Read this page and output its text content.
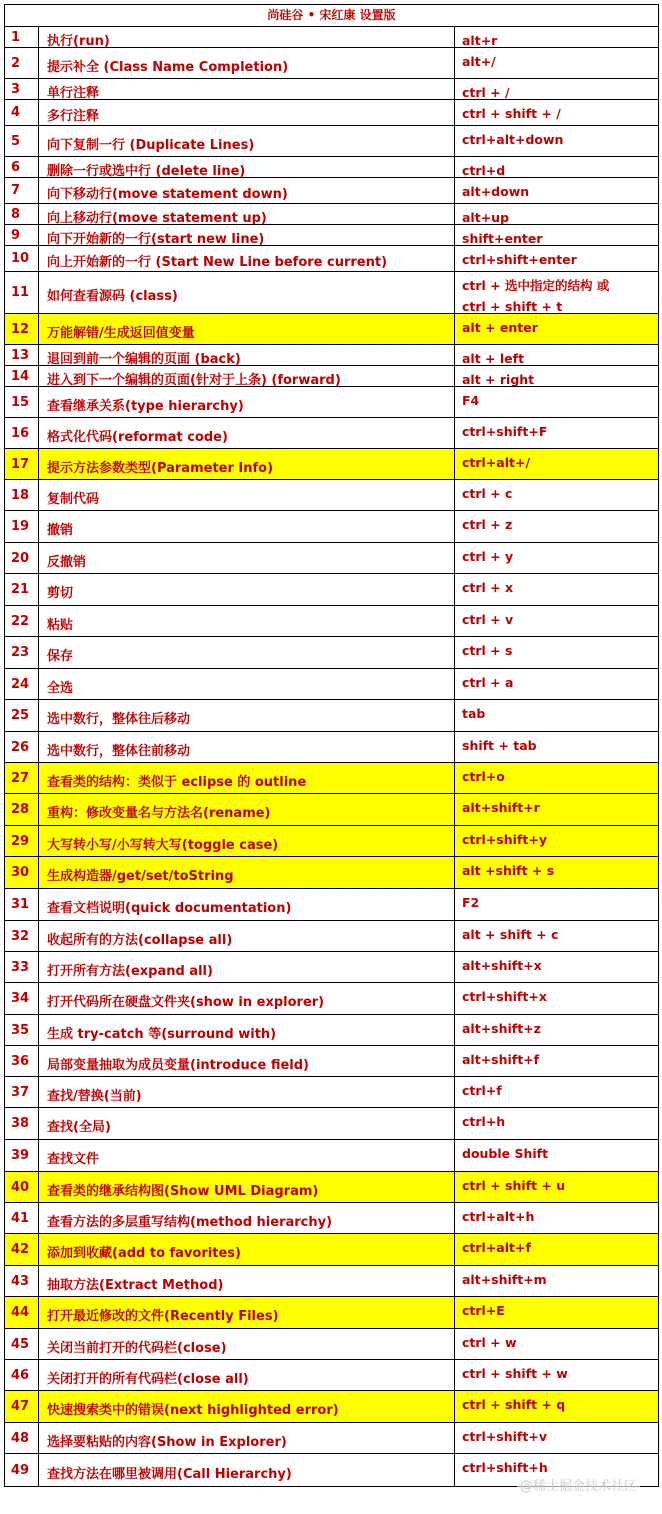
尚硅谷 • 宋红康 设置版
1	执行(run)	alt+r
2	提示补全 (Class Name Completion)	alt+/
3	单行注释	ctrl + /
4	多行注释	ctrl + shift + /
5	向下复制一行 (Duplicate Lines)	ctrl+alt+down
6	删除一行或选中行 (delete line)	ctrl+d
7	向下移动行(move statement down)	alt+down
8	向上移动行(move statement up)	alt+up
9	向下开始新的一行(start new line)	shift+enter
10	向上开始新的一行 (Start New Line before current)	ctrl+shift+enter
11	如何查看源码 (class)
ctrl + 选中指定的结构 或
ctrl + shift + t
12	万能解错/生成返回值变量	alt + enter
13	退回到前一个编辑的页面 (back)	alt + left
14	进入到下一个编辑的页面(针对于上条) (forward)	alt + right
15	查看继承关系(type hierarchy)	F4
16	格式化代码(reformat code)	ctrl+shift+F
17	提示方法参数类型(Parameter Info)	ctrl+alt+/
18	复制代码	ctrl + c
19	撤销	ctrl + z
20	反撤销	ctrl + y
21	剪切	ctrl + x
22	粘贴	ctrl + v
23	保存	ctrl + s
24	全选	ctrl + a
25	选中数行，整体往后移动	tab
26	选中数行，整体往前移动	shift + tab
27	查看类的结构：类似于 eclipse 的 outline	ctrl+o
28	重构：修改变量名与方法名(rename)	alt+shift+r
29	大写转小写/小写转大写(toggle case)	ctrl+shift+y
30	生成构造器/get/set/toString	alt +shift + s
31	查看文档说明(quick documentation)	F2
32	收起所有的方法(collapse all)	alt + shift + c
33	打开所有方法(expand all)	alt+shift+x
34	打开代码所在硬盘文件夹(show in explorer)	ctrl+shift+x
35	生成 try-catch 等(surround with)	alt+shift+z
36	局部变量抽取为成员变量(introduce field)	alt+shift+f
37	查找/替换(当前)	ctrl+f
38	查找(全局)	ctrl+h
39	查找文件	double Shift
40	查看类的继承结构图(Show UML Diagram)	ctrl + shift + u
41	查看方法的多层重写结构(method hierarchy)	ctrl+alt+h
42	添加到收藏(add to favorites)	ctrl+alt+f
43	抽取方法(Extract Method)	alt+shift+m
44	打开最近修改的文件(Recently Files)	ctrl+E
45	关闭当前打开的代码栏(close)	ctrl + w
46	关闭打开的所有代码栏(close all)	ctrl + shift + w
47	快速搜索类中的错误(next highlighted error)	ctrl + shift + q
48	选择要粘贴的内容(Show in Explorer)	ctrl+shift+v
49	查找方法在哪里被调用(Call Hierarchy)	ctrl+shift+h
@稀土掘金技术社区
